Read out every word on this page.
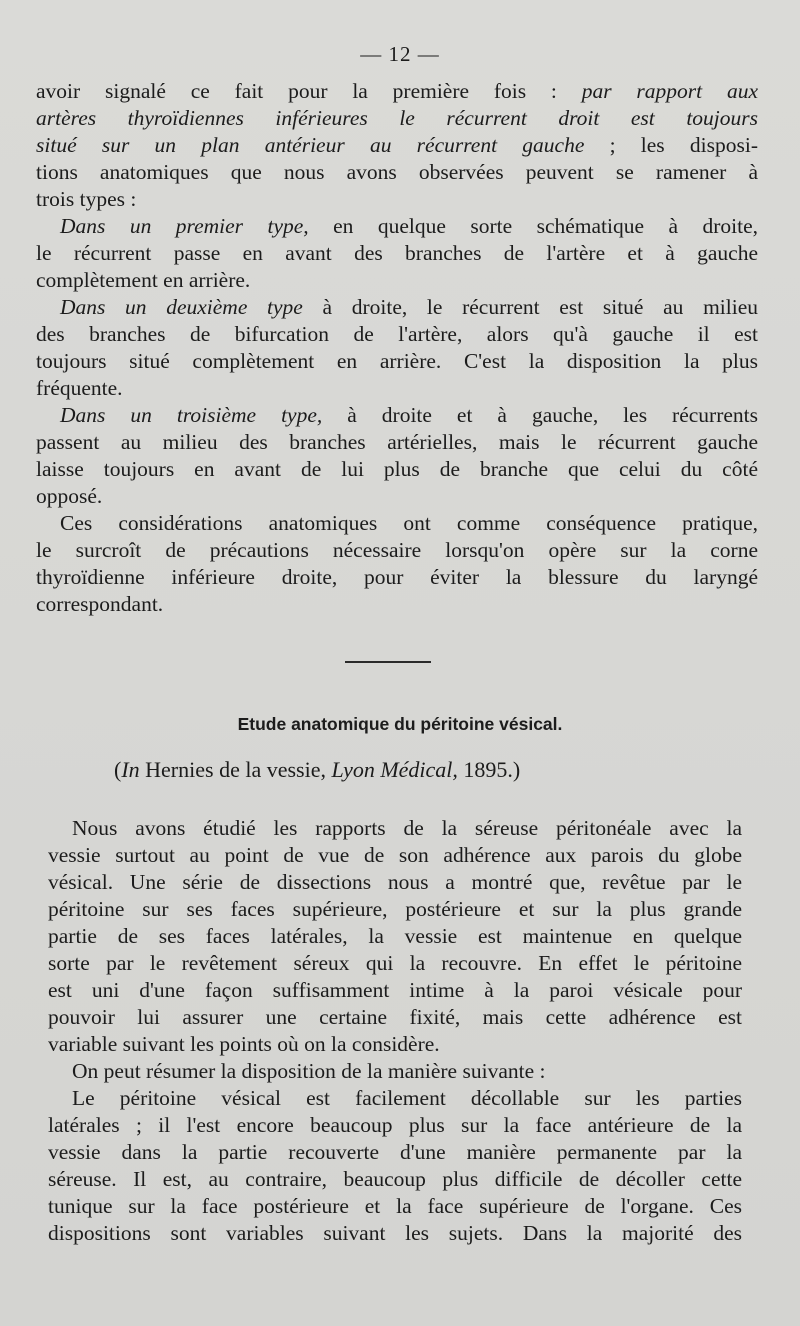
— 12 —
avoir signalé ce fait pour la première fois : par rapport aux
artères thyroïdiennes inférieures le récurrent droit est toujours
situé sur un plan antérieur au récurrent gauche ; les disposi-
tions anatomiques que nous avons observées peuvent se ramener à
trois types :
Dans un premier type, en quelque sorte schématique à droite,
le récurrent passe en avant des branches de l'artère et à gauche
complètement en arrière.
Dans un deuxième type à droite, le récurrent est situé au milieu
des branches de bifurcation de l'artère, alors qu'à gauche il est
toujours situé complètement en arrière. C'est la disposition la plus
fréquente.
Dans un troisième type, à droite et à gauche, les récurrents
passent au milieu des branches artérielles, mais le récurrent gauche
laisse toujours en avant de lui plus de branche que celui du côté
opposé.
Ces considérations anatomiques ont comme conséquence pratique,
le surcroît de précautions nécessaire lorsqu'on opère sur la corne
thyroïdienne inférieure droite, pour éviter la blessure du laryngé
correspondant.
Etude anatomique du péritoine vésical.
(In Hernies de la vessie, Lyon Médical, 1895.)
Nous avons étudié les rapports de la séreuse péritonéale avec la
vessie surtout au point de vue de son adhérence aux parois du globe
vésical. Une série de dissections nous a montré que, revêtue par le
péritoine sur ses faces supérieure, postérieure et sur la plus grande
partie de ses faces latérales, la vessie est maintenue en quelque
sorte par le revêtement séreux qui la recouvre. En effet le péritoine
est uni d'une façon suffisamment intime à la paroi vésicale pour
pouvoir lui assurer une certaine fixité, mais cette adhérence est
variable suivant les points où on la considère.
On peut résumer la disposition de la manière suivante :
Le péritoine vésical est facilement décollable sur les parties
latérales ; il l'est encore beaucoup plus sur la face antérieure de la
vessie dans la partie recouverte d'une manière permanente par la
séreuse. Il est, au contraire, beaucoup plus difficile de décoller cette
tunique sur la face postérieure et la face supérieure de l'organe. Ces
dispositions sont variables suivant les sujets. Dans la majorité des
